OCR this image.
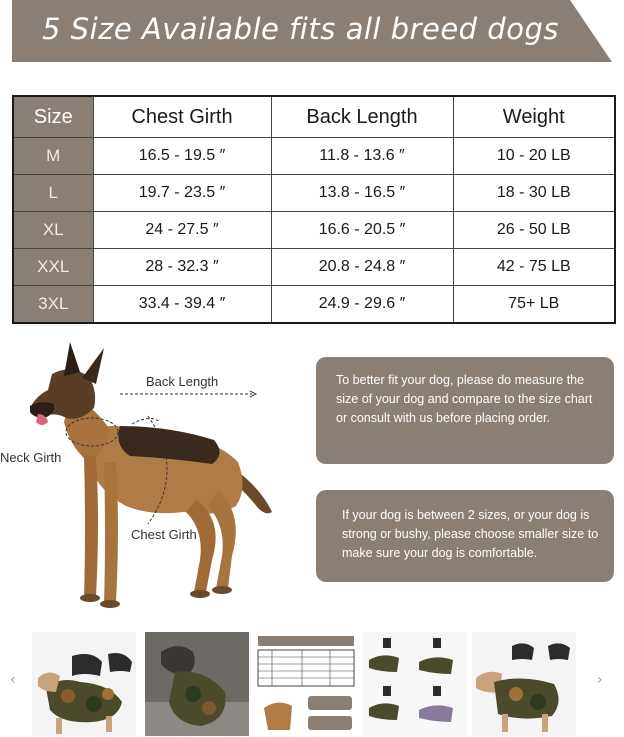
5 Size Available fits all breed dogs
Size	Chest Girth	Back Length	Weight
M	16.5 - 19.5 ″	11.8 - 13.6 ″	10 - 20 LB
L	19.7 - 23.5 ″	13.8 - 16.5 ″	18 - 30 LB
XL	24 - 27.5 ″	16.6 - 20.5 ″	26 - 50 LB
XXL	28 - 32.3 ″	20.8 - 24.8 ″	42 - 75 LB
3XL	33.4 - 39.4 ″	24.9 - 29.6 ″	75+ LB
Back Length
Neck Girth
Chest Girth
To better fit your dog, please do measure the size of your dog and compare to the size chart or consult with us before placing order.
If your dog is between 2 sizes, or your dog is strong or bushy, please choose smaller size to make sure your dog is comfortable.
‹	›
